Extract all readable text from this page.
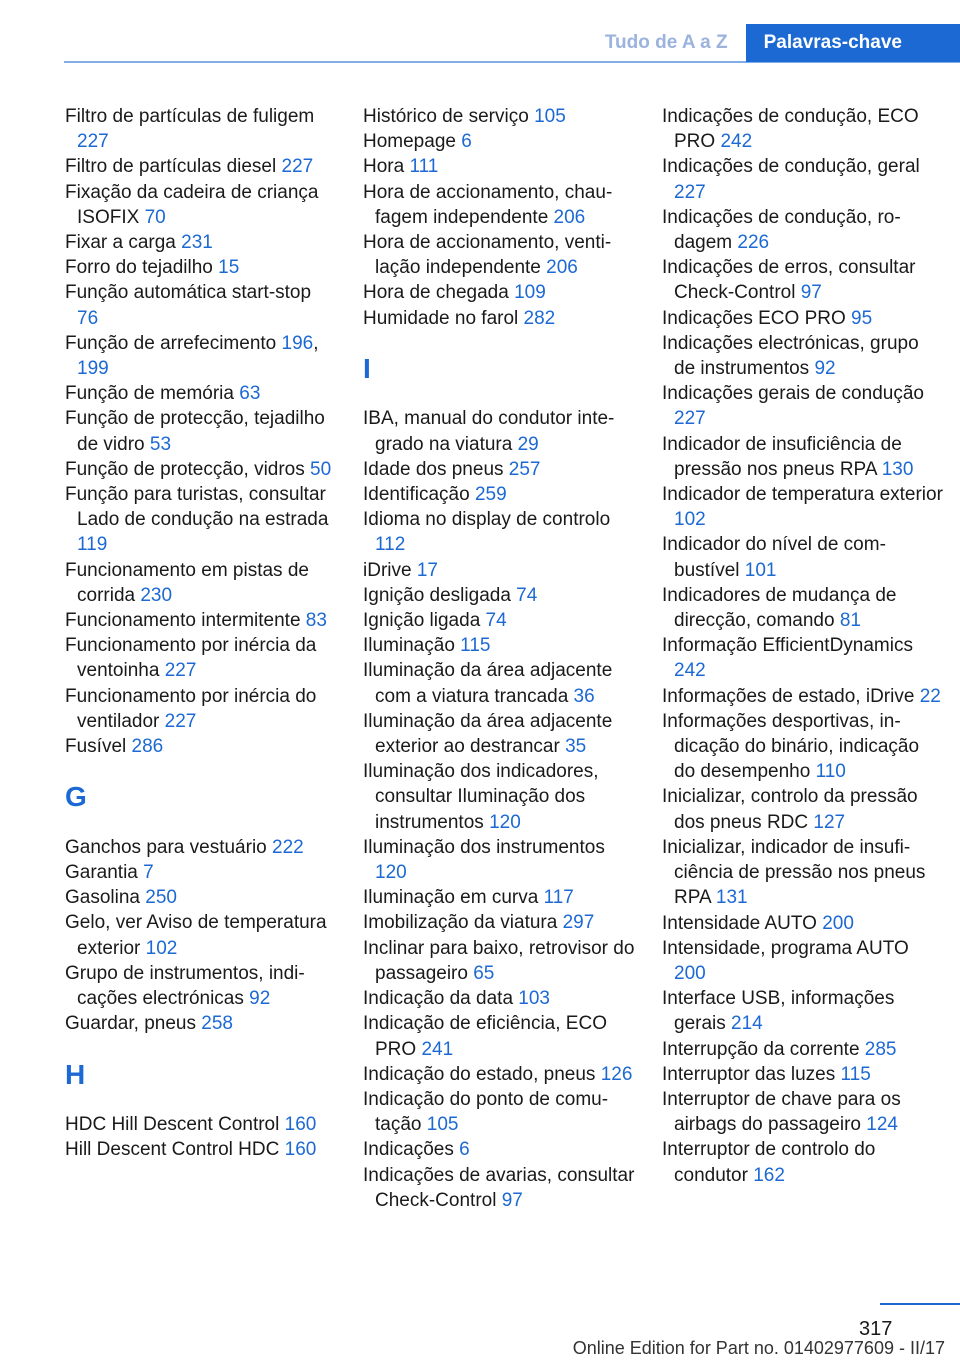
Tudo de A a Z	Palavras-chave
Filtro de partículas de fuligem 227
Filtro de partículas diesel 227
Fixação da cadeira de criança ISOFIX 70
Fixar a carga 231
Forro do tejadilho 15
Função automática start‑stop 76
Função de arrefecimento 196, 199
Função de memória 63
Função de protecção, tejadilho de vidro 53
Função de protecção, vidros 50
Função para turistas, consultar Lado de condução na estrada 119
Funcionamento em pistas de corrida 230
Funcionamento intermitente 83
Funcionamento por inércia da ventoinha 227
Funcionamento por inércia do ventilador 227
Fusível 286
G
Ganchos para vestuário 222
Garantia 7
Gasolina 250
Gelo, ver Aviso de temperatura exterior 102
Grupo de instrumentos, indicações electrónicas 92
Guardar, pneus 258
H
HDC Hill Descent Control 160
Hill Descent Control HDC 160
Histórico de serviço 105
Homepage 6
Hora 111
Hora de accionamento, chaufagem independente 206
Hora de accionamento, ventilação independente 206
Hora de chegada 109
Humidade no farol 282
I
IBA, manual do condutor integrado na viatura 29
Idade dos pneus 257
Identificação 259
Idioma no display de controlo 112
iDrive 17
Ignição desligada 74
Ignição ligada 74
Iluminação 115
Iluminação da área adjacente com a viatura trancada 36
Iluminação da área adjacente exterior ao destrancar 35
Iluminação dos indicadores, consultar Iluminação dos instrumentos 120
Iluminação dos instrumentos 120
Iluminação em curva 117
Imobilização da viatura 297
Inclinar para baixo, retrovisor do passageiro 65
Indicação da data 103
Indicação de eficiência, ECO PRO 241
Indicação do estado, pneus 126
Indicação do ponto de comutação 105
Indicações 6
Indicações de avarias, consultar Check-Control 97
Indicações de condução, ECO PRO 242
Indicações de condução, geral 227
Indicações de condução, rodagem 226
Indicações de erros, consultar Check-Control 97
Indicações ECO PRO 95
Indicações electrónicas, grupo de instrumentos 92
Indicações gerais de condução 227
Indicador de insuficiência de pressão nos pneus RPA 130
Indicador de temperatura exterior 102
Indicador do nível de combustível 101
Indicadores de mudança de direcção, comando 81
Informação EfficientDynamics 242
Informações de estado, iDrive 22
Informações desportivas, indicação do binário, indicação do desempenho 110
Inicializar, controlo da pressão dos pneus RDC 127
Inicializar, indicador de insuficiência de pressão nos pneus RPA 131
Intensidade AUTO 200
Intensidade, programa AUTO 200
Interface USB, informações gerais 214
Interrupção da corrente 285
Interruptor das luzes 115
Interruptor de chave para os airbags do passageiro 124
Interruptor de controlo do condutor 162
317
Online Edition for Part no. 01402977609 - II/17
